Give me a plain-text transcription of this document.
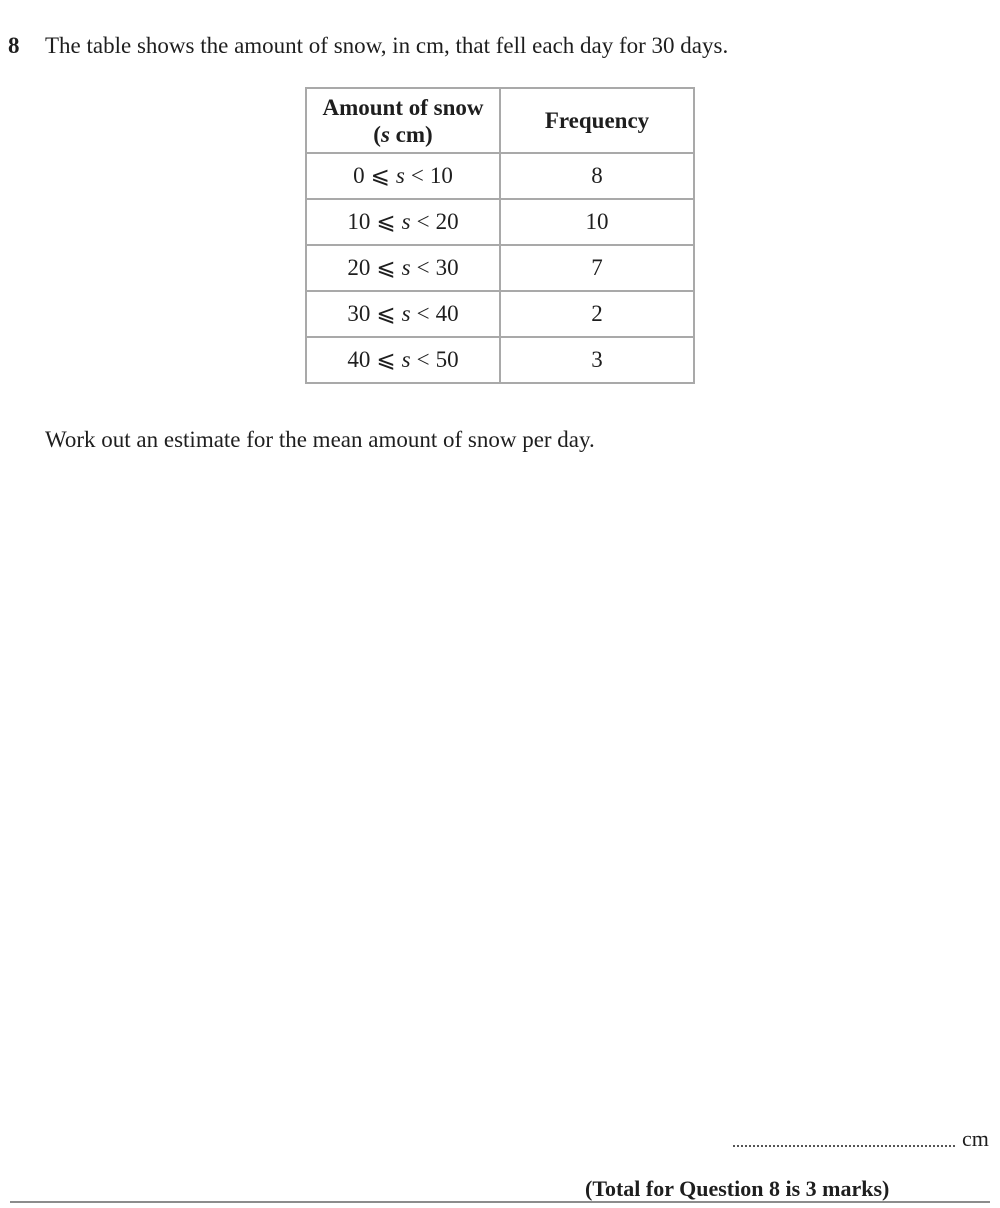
8 The table shows the amount of snow, in cm, that fell each day for 30 days.
Amount of snow
(s cm)	Frequency
0 ⩽ s < 10	8
10 ⩽ s < 20	10
20 ⩽ s < 30	7
30 ⩽ s < 40	2
40 ⩽ s < 50	3
Work out an estimate for the mean amount of snow per day.
cm
(Total for Question 8 is 3 marks)
